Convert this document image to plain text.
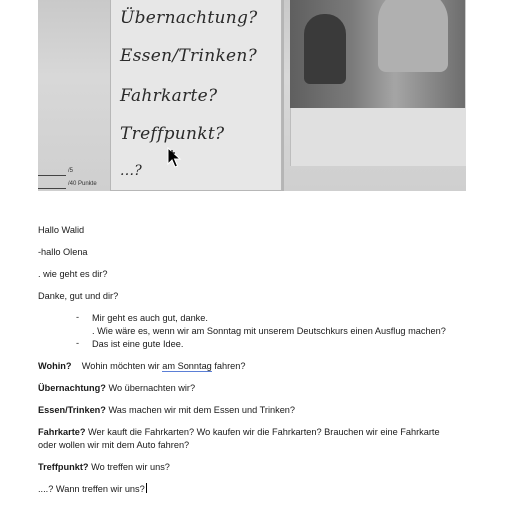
Übernachtung?
Essen/Trinken?
Fahrkarte?
Treffpunkt?
...?
/5
/40 Punkte
Hallo Walid
-hallo Olena
. wie geht es dir?
Danke, gut und dir?
- Mir geht es auch gut, danke.
. Wie wäre es, wenn wir am Sonntag mit unserem Deutschkurs einen Ausflug machen?
- Das ist eine gute Idee.
Wohin? Wohin möchten wir am Sonntag fahren?
Übernachtung? Wo übernachten wir?
Essen/Trinken? Was machen wir mit dem Essen und Trinken?
Fahrkarte? Wer kauft die Fahrkarten? Wo kaufen wir die Fahrkarten? Brauchen wir eine Fahrkarte
oder wollen wir mit dem Auto fahren?
Treffpunkt? Wo treffen wir uns?
....? Wann treffen wir uns?
